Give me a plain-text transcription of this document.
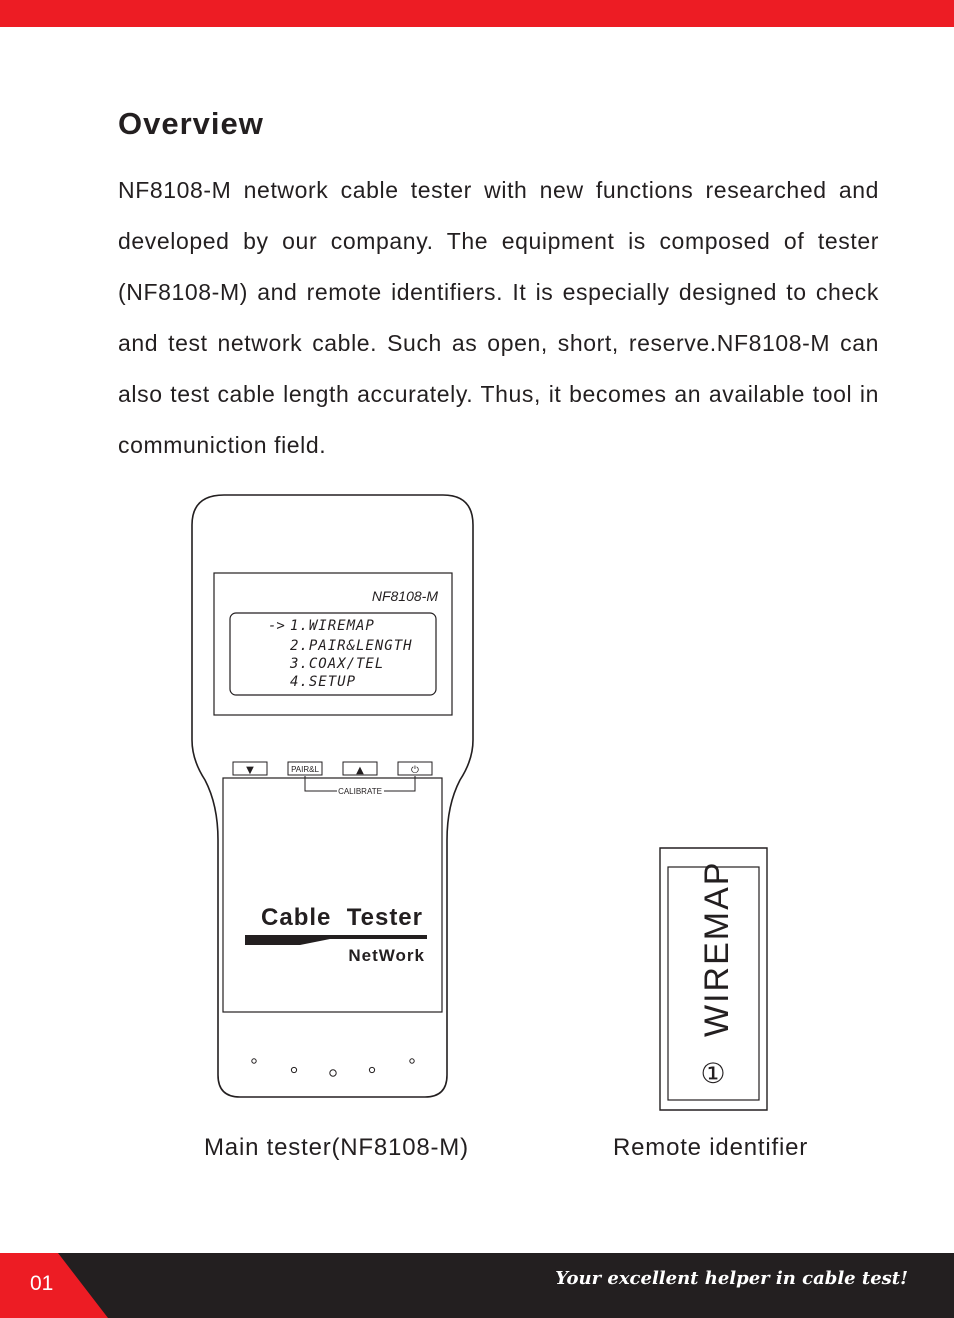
Overview

NF8108-M network cable tester with new functions researched and developed by our company. The equipment is composed of tester (NF8108-M) and remote identifiers. It is especially designed to check and test network cable. Such as open, short, reserve.NF8108-M can also test cable length accurately. Thus, it becomes an available tool in communiction field.

NF8108-M
-> 1.WIREMAP
2.PAIR&LENGTH
3.COAX/TEL
4.SETUP
▼	PAIR&L	▲	⏻
CALIBRATE
Cable  Tester
NetWork	WIREMAP
①
Main tester(NF8108-M)	Remote identifier
01	Your excellent helper in cable test!
